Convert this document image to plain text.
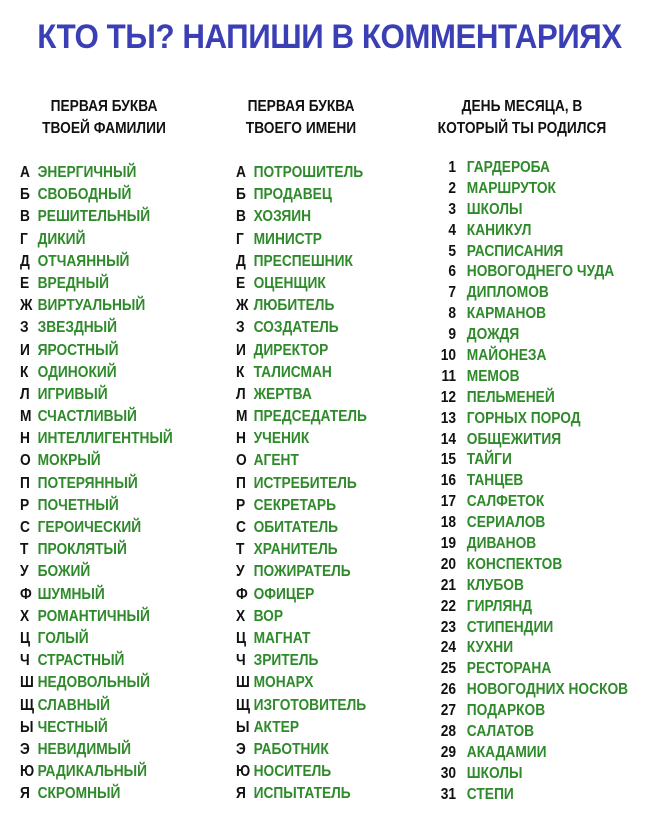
КТО ТЫ? НАПИШИ В КОММЕНТАРИЯХ
ПЕРВАЯ БУКВА
ТВОЕЙ ФАМИЛИИ
А ЭНЕРГИЧНЫЙ
Б СВОБОДНЫЙ
В РЕШИТЕЛЬНЫЙ
Г ДИКИЙ
Д ОТЧАЯННЫЙ
Е ВРЕДНЫЙ
Ж ВИРТУАЛЬНЫЙ
З ЗВЕЗДНЫЙ
И ЯРОСТНЫЙ
К ОДИНОКИЙ
Л ИГРИВЫЙ
М СЧАСТЛИВЫЙ
Н ИНТЕЛЛИГЕНТНЫЙ
О МОКРЫЙ
П ПОТЕРЯННЫЙ
Р ПОЧЕТНЫЙ
С ГЕРОИЧЕСКИЙ
Т ПРОКЛЯТЫЙ
У БОЖИЙ
Ф ШУМНЫЙ
Х РОМАНТИЧНЫЙ
Ц ГОЛЫЙ
Ч СТРАСТНЫЙ
Ш НЕДОВОЛЬНЫЙ
Щ СЛАВНЫЙ
Ы ЧЕСТНЫЙ
Э НЕВИДИМЫЙ
Ю РАДИКАЛЬНЫЙ
Я СКРОМНЫЙ
ПЕРВАЯ БУКВА
ТВОЕГО ИМЕНИ
А ПОТРОШИТЕЛЬ
Б ПРОДАВЕЦ
В ХОЗЯИН
Г МИНИСТР
Д ПРЕСПЕШНИК
Е ОЦЕНЩИК
Ж ЛЮБИТЕЛЬ
З СОЗДАТЕЛЬ
И ДИРЕКТОР
К ТАЛИСМАН
Л ЖЕРТВА
М ПРЕДСЕДАТЕЛЬ
Н УЧЕНИК
О АГЕНТ
П ИСТРЕБИТЕЛЬ
Р СЕКРЕТАРЬ
С ОБИТАТЕЛЬ
Т ХРАНИТЕЛЬ
У ПОЖИРАТЕЛЬ
Ф ОФИЦЕР
Х ВОР
Ц МАГНАТ
Ч ЗРИТЕЛЬ
Ш МОНАРХ
Щ ИЗГОТОВИТЕЛЬ
Ы АКТЕР
Э РАБОТНИК
Ю НОСИТЕЛЬ
Я ИСПЫТАТЕЛЬ
ДЕНЬ МЕСЯЦА, В
КОТОРЫЙ ТЫ РОДИЛСЯ
1 ГАРДЕРОБА
2 МАРШРУТОК
3 ШКОЛЫ
4 КАНИКУЛ
5 РАСПИСАНИЯ
6 НОВОГОДНЕГО ЧУДА
7 ДИПЛОМОВ
8 КАРМАНОВ
9 ДОЖДЯ
10 МАЙОНЕЗА
11 МЕМОВ
12 ПЕЛЬМЕНЕЙ
13 ГОРНЫХ ПОРОД
14 ОБЩЕЖИТИЯ
15 ТАЙГИ
16 ТАНЦЕВ
17 САЛФЕТОК
18 СЕРИАЛОВ
19 ДИВАНОВ
20 КОНСПЕКТОВ
21 КЛУБОВ
22 ГИРЛЯНД
23 СТИПЕНДИИ
24 КУХНИ
25 РЕСТОРАНА
26 НОВОГОДНИХ НОСКОВ
27 ПОДАРКОВ
28 САЛАТОВ
29 АКАДАМИИ
30 ШКОЛЫ
31 СТЕПИ
